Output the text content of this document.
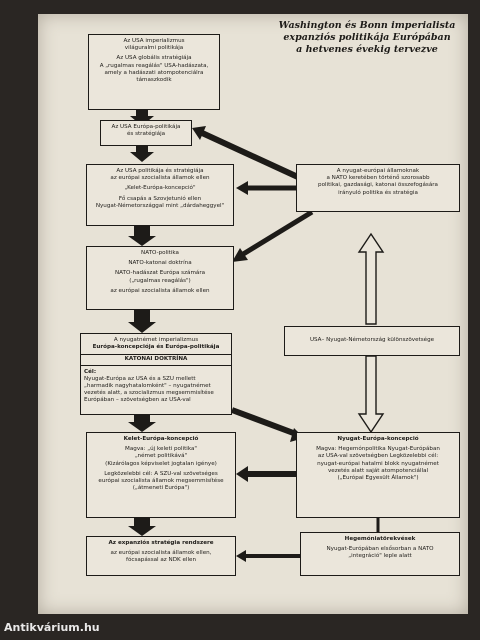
Washington és Bonn imperialista
expanziós politikája Európában
a hetvenes évekig tervezve
Az USA imperializmus
világuralmi politikája
Az USA globális stratégiája
A „rugalmas reagálás" USA-hadászata,
amely a hadászati atompotenciálra
támaszkodik
Az USA Európa-politikája
és stratégiája
Az USA politikája és stratégiája
az európai szocialista államok ellen
„Kelet-Európa-koncepció"
Fő csapás a Szovjetunió ellen
Nyugat-Németországgal mint „dárdaheggyel"
A nyugat-európai államoknak
a NATO keretében történő szorosabb
politikai, gazdasági, katonai összefogására
irányuló politika és stratégia
NATO-politika
NATO-katonai doktrína
NATO-hadászat Európa számára
(„rugalmas reagálás")
az európai szocialista államok ellen
A nyugatnémet imperializmus
Európa-koncepciója és Európa-politikája
KATONAI DOKTRÍNA
Cél:
Nyugat-Európa az USA és a SZU mellett
„harmadik nagyhatalomként" – nyugatnémet
vezetés alatt, a szocializmus megsemmisítése
Európában – szövetségben az USA-val
USA– Nyugat-Németország különszövetsége
Kelet-Európa-koncepció
Magva: „új keleti politika"
„német politikává"
(Kizárólagos képviselet jogtalan igénye)
Legközelebbi cél: A SZU-val szövetséges
európai szocialista államok megsemmisítése
(„átmeneti Európa")
Nyugat-Európa-koncepció
Magva: Hegemónpolitika Nyugat-Európában
az USA-val szövetségben Legközelebbi cél:
nyugat-európai hatalmi blokk nyugatnémet
vezetés alatt saját atompotenciállal
(„Európai Egyesült Államok")
Az expanziós stratégia rendszere
az európai szocialista államok ellen,
fócsapással az NDK ellen
Hegemóniatörekvések
Nyugat-Európában elsősorban a NATO
„integráció" leple alatt
Antikvárium.hu
